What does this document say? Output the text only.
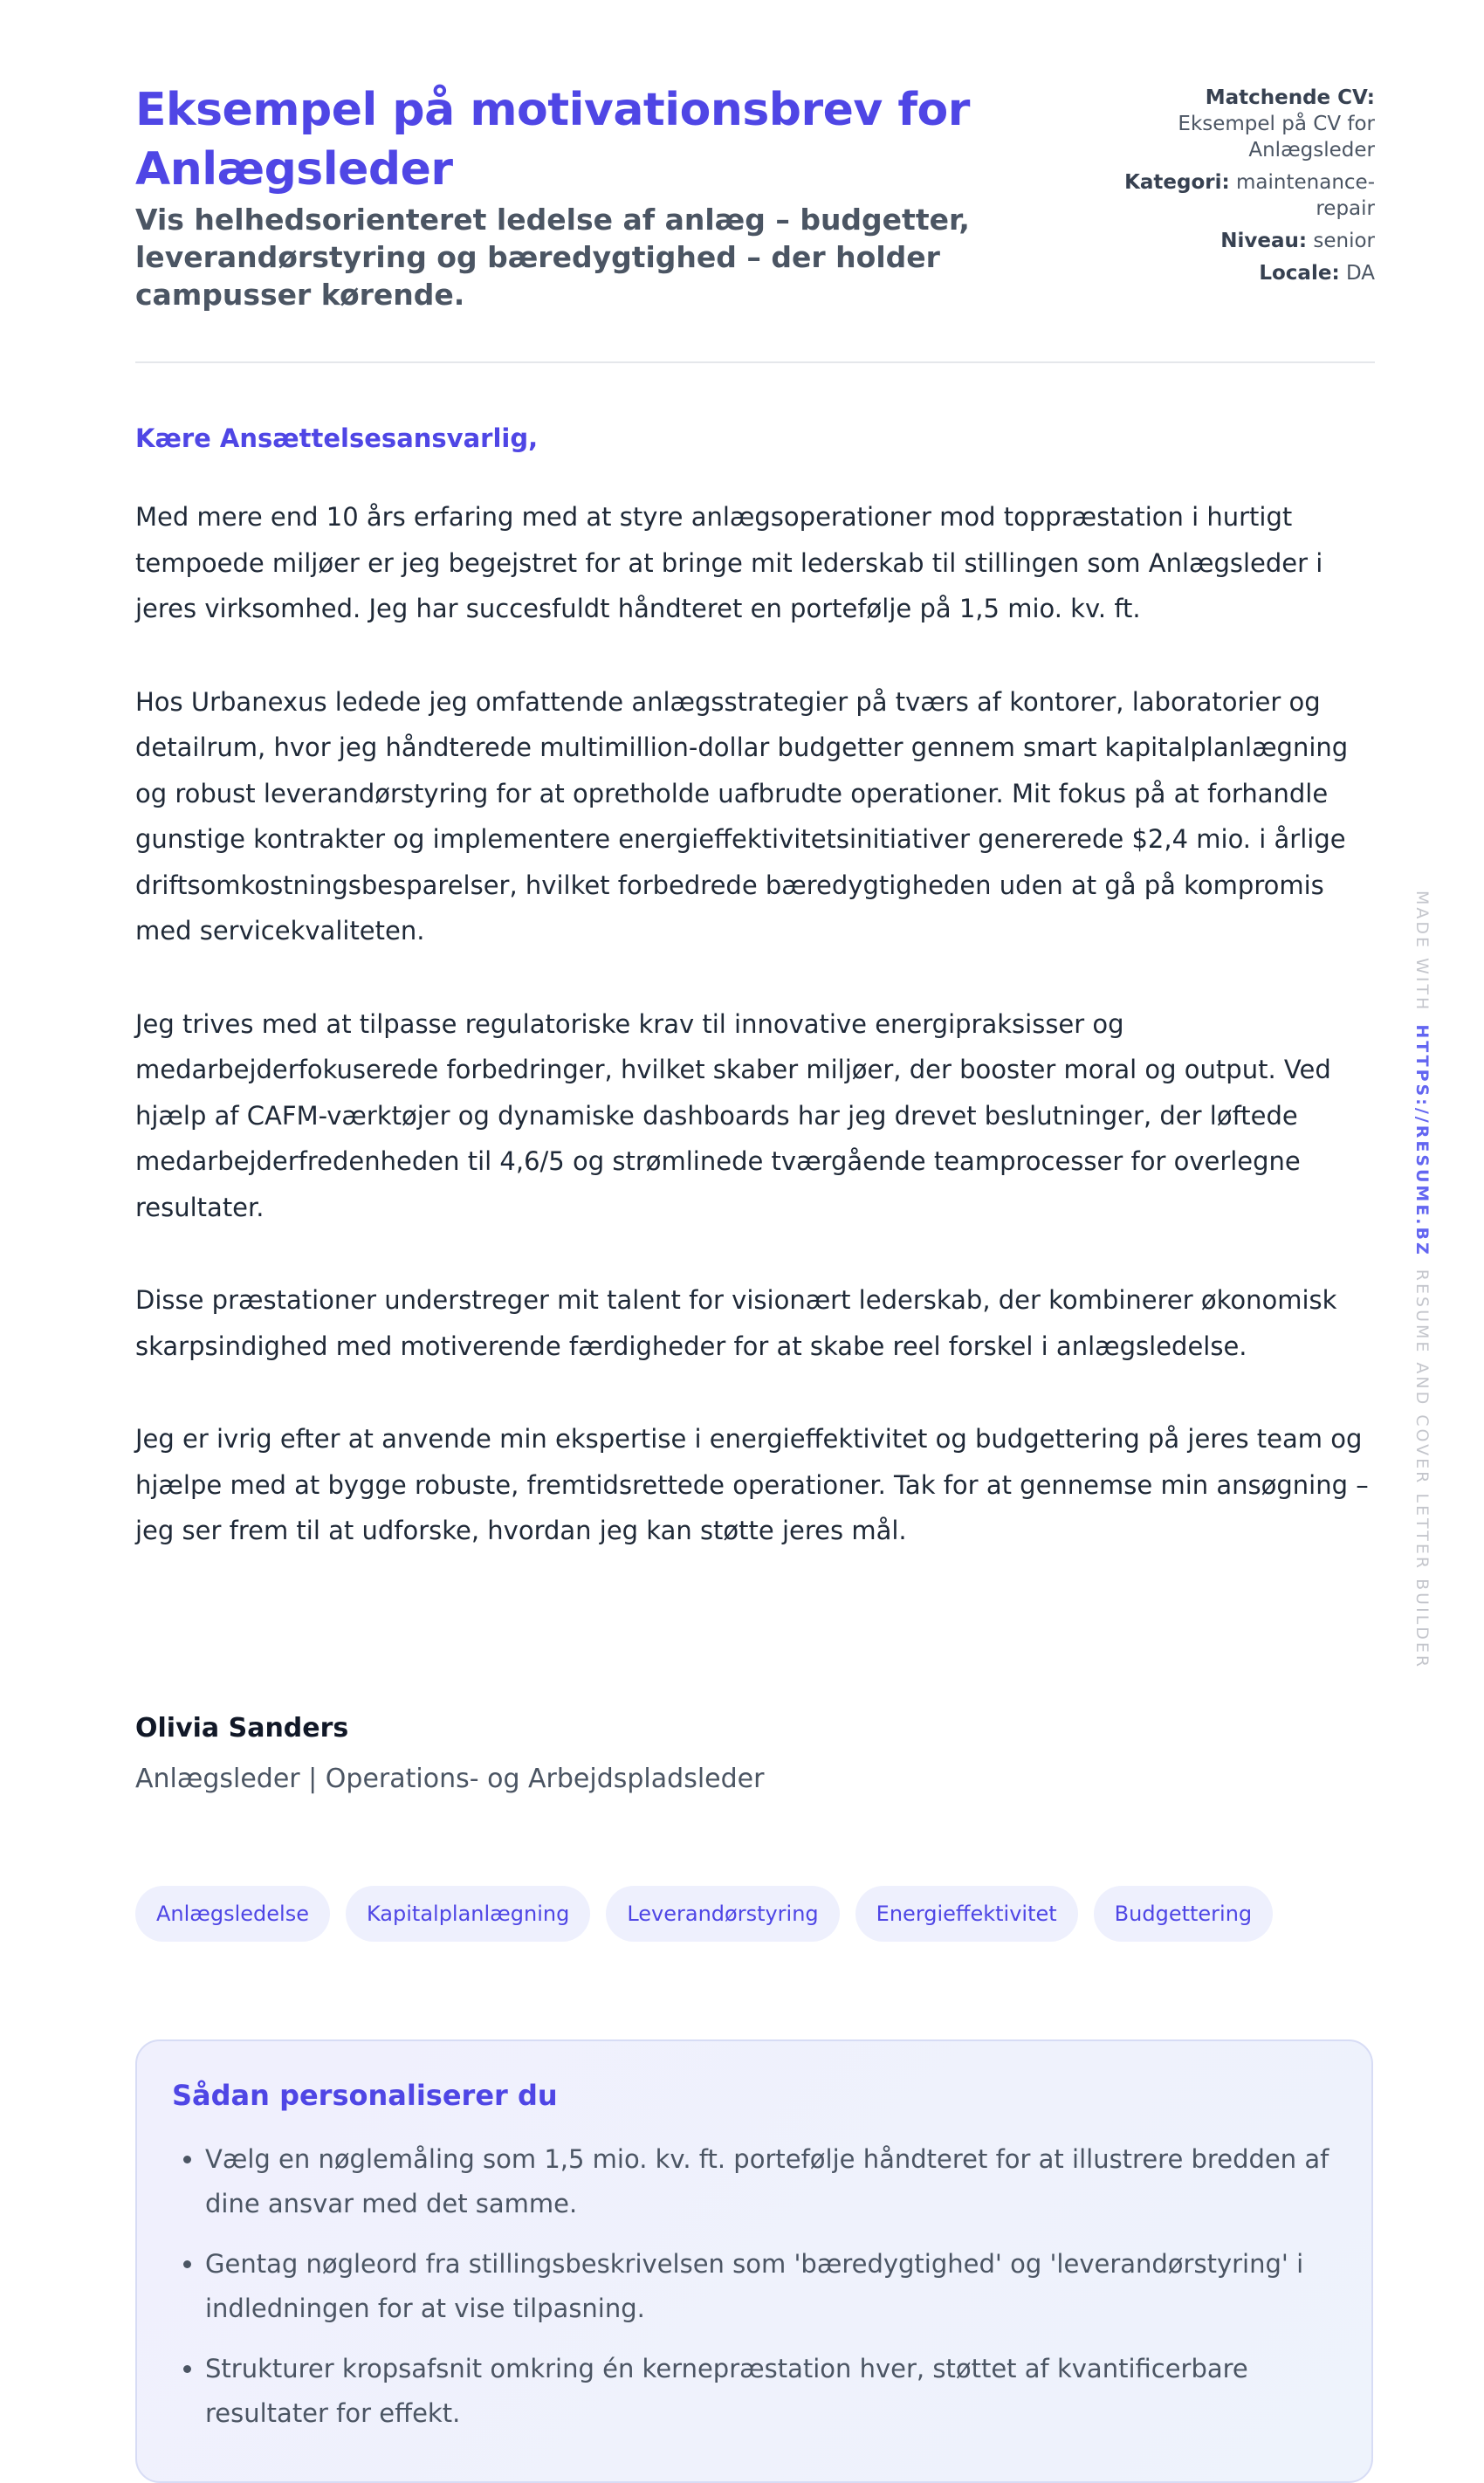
Eksempel på motivationsbrev for Anlægsleder
Vis helhedsorienteret ledelse af anlæg – budgetter, leverandørstyring og bæredygtighed – der holder campusser kørende.
Matchende CV: Eksempel på CV for Anlægsleder
Kategori: maintenance-repair
Niveau: senior
Locale: DA

Kære Ansættelsesansvarlig,

Med mere end 10 års erfaring med at styre anlægsoperationer mod toppræstation i hurtigt tempoede miljøer er jeg begejstret for at bringe mit lederskab til stillingen som Anlægsleder i jeres virksomhed. Jeg har succesfuldt håndteret en portefølje på 1,5 mio. kv. ft.

Hos Urbanexus ledede jeg omfattende anlægsstrategier på tværs af kontorer, laboratorier og detailrum, hvor jeg håndterede multimillion-dollar budgetter gennem smart kapitalplanlægning og robust leverandørstyring for at opretholde uafbrudte operationer. Mit fokus på at forhandle gunstige kontrakter og implementere energieffektivitetsinitiativer genererede $2,4 mio. i årlige driftsomkostningsbesparelser, hvilket forbedrede bæredygtigheden uden at gå på kompromis med servicekvaliteten.

Jeg trives med at tilpasse regulatoriske krav til innovative energipraksisser og medarbejderfokuserede forbedringer, hvilket skaber miljøer, der booster moral og output. Ved hjælp af CAFM-værktøjer og dynamiske dashboards har jeg drevet beslutninger, der løftede medarbejderfredenheden til 4,6/5 og strømlinede tværgående teamprocesser for overlegne resultater.

Disse præstationer understreger mit talent for visionært lederskab, der kombinerer økonomisk skarpsindighed med motiverende færdigheder for at skabe reel forskel i anlægsledelse.

Jeg er ivrig efter at anvende min ekspertise i energieffektivitet og budgettering på jeres team og hjælpe med at bygge robuste, fremtidsrettede operationer. Tak for at gennemse min ansøgning – jeg ser frem til at udforske, hvordan jeg kan støtte jeres mål.

Olivia Sanders
Anlægsleder | Operations- og Arbejdspladsleder
Anlægsledelse	Kapitalplanlægning	Leverandørstyring	Energieffektivitet	Budgettering
Sådan personaliserer du
• Vælg en nøglemåling som 1,5 mio. kv. ft. portefølje håndteret for at illustrere bredden af dine ansvar med det samme.
• Gentag nøgleord fra stillingsbeskrivelsen som 'bæredygtighed' og 'leverandørstyring' i indledningen for at vise tilpasning.
• Strukturer kropsafsnit omkring én kernepræstation hver, støttet af kvantificerbare resultater for effekt.
MADE WITHHTTPS://RESUME.BZRESUME AND COVER LETTER BUILDER
